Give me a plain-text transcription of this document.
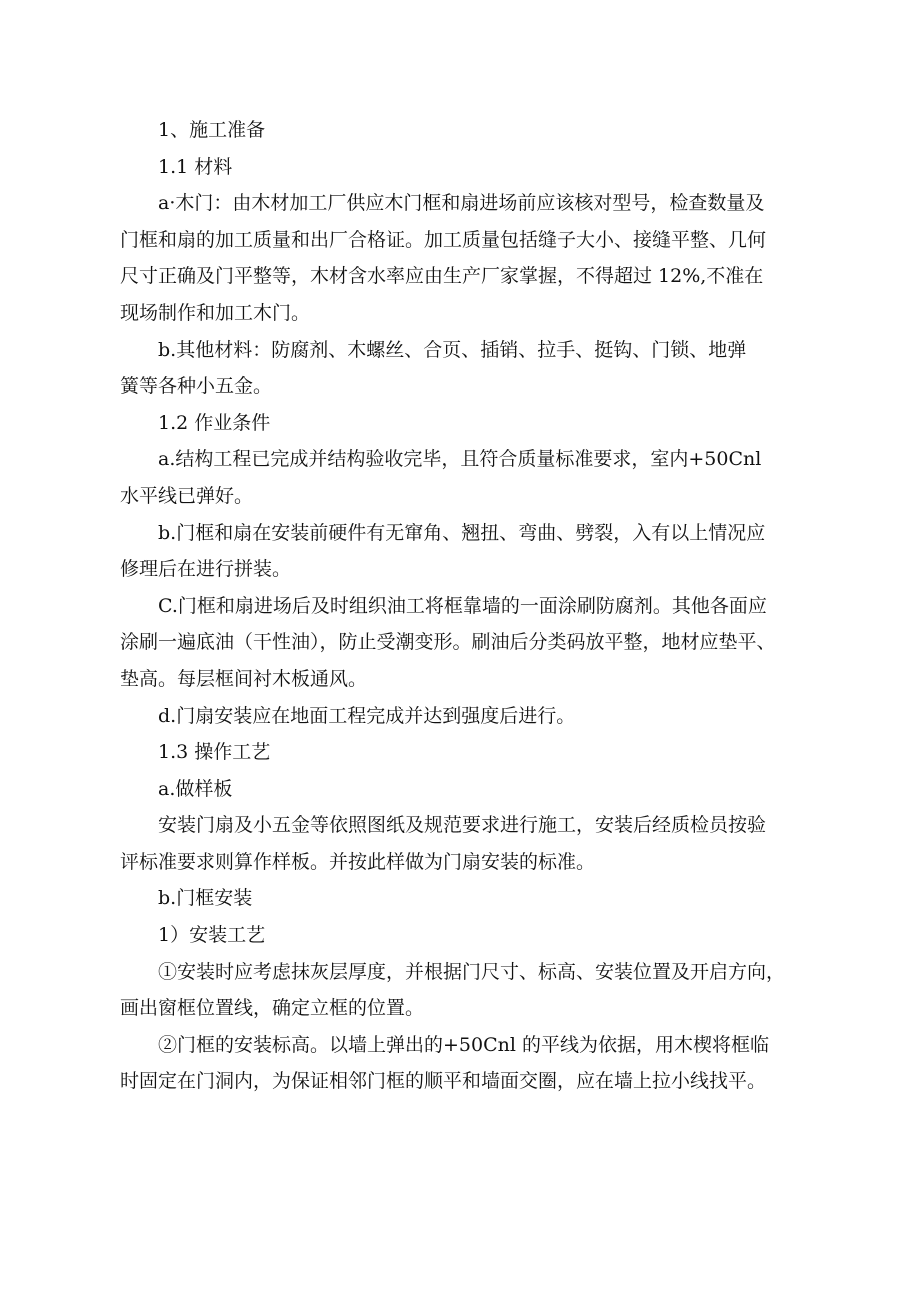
1、施工准备
1.1 材料
a·木门：由木材加工厂供应木门框和扇进场前应该核对型号，检查数量及
门框和扇的加工质量和出厂合格证。加工质量包括缝子大小、接缝平整、几何
尺寸正确及门平整等，木材含水率应由生产厂家掌握，不得超过 12%,不准在
现场制作和加工木门。
b.其他材料：防腐剂、木螺丝、合页、插销、拉手、挺钩、门锁、地弹
簧等各种小五金。
1.2 作业条件
a.结构工程已完成并结构验收完毕，且符合质量标准要求，室内+50Cnl
水平线已弹好。
b.门框和扇在安装前硬件有无窜角、翘扭、弯曲、劈裂，入有以上情况应
修理后在进行拼装。
C.门框和扇进场后及时组织油工将框靠墙的一面涂刷防腐剂。其他各面应
涂刷一遍底油（干性油），防止受潮变形。刷油后分类码放平整，地材应垫平、
垫高。每层框间衬木板通风。
d.门扇安装应在地面工程完成并达到强度后进行。
1.3 操作工艺
a.做样板
安装门扇及小五金等依照图纸及规范要求进行施工，安装后经质检员按验
评标准要求则算作样板。并按此样做为门扇安装的标准。
b.门框安装
1）安装工艺
①安装时应考虑抹灰层厚度，并根据门尺寸、标高、安装位置及开启方向，
画出窗框位置线，确定立框的位置。
②门框的安装标高。以墙上弹出的+50Cnl 的平线为依据，用木楔将框临
时固定在门洞内，为保证相邻门框的顺平和墙面交圈，应在墙上拉小线找平。
